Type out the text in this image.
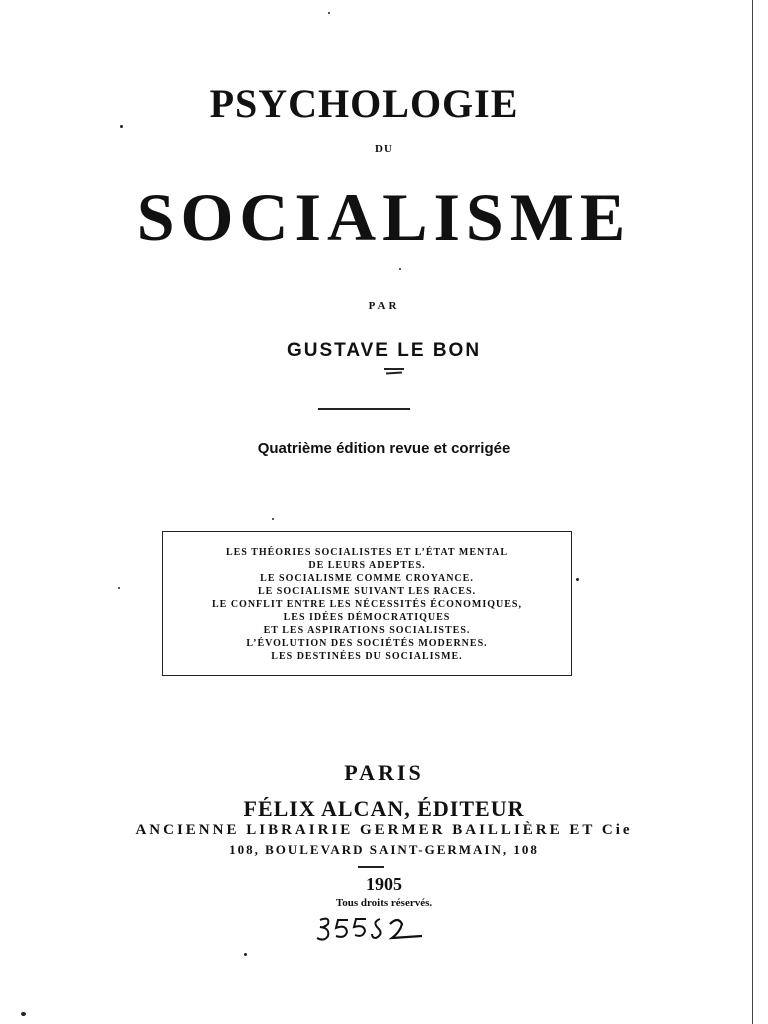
PSYCHOLOGIE
DU
SOCIALISME
PAR
GUSTAVE LE BON
Quatrième édition revue et corrigée
LES THÉORIES SOCIALISTES ET L’ÉTAT MENTAL
DE LEURS ADEPTES.
LE SOCIALISME COMME CROYANCE.
LE SOCIALISME SUIVANT LES RACES.
LE CONFLIT ENTRE LES NÉCESSITÉS ÉCONOMIQUES,
LES IDÉES DÉMOCRATIQUES
ET LES ASPIRATIONS SOCIALISTES.
L’ÉVOLUTION DES SOCIÉTÉS MODERNES.
LES DESTINÉES DU SOCIALISME.
PARIS
FÉLIX ALCAN, ÉDITEUR
ANCIENNE LIBRAIRIE GERMER BAILLIÈRE ET Cie
108, BOULEVARD SAINT-GERMAIN, 108
1905
Tous droits réservés.
